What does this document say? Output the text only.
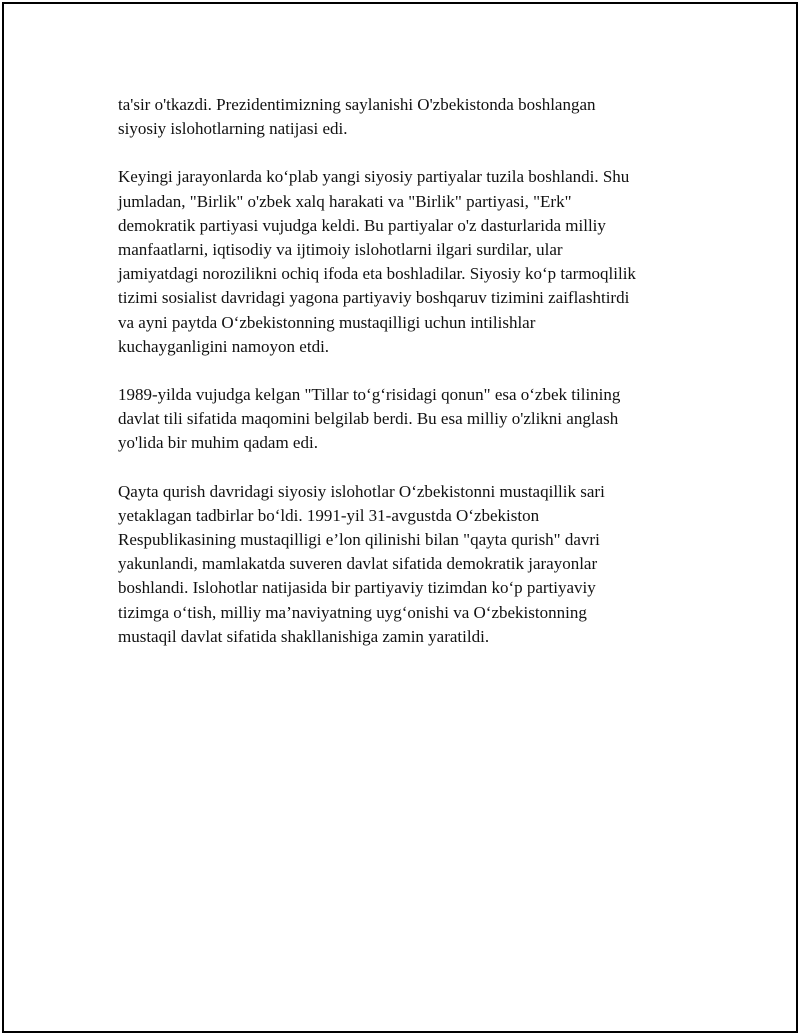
ta'sir o'tkazdi. Prezidentimizning saylanishi O'zbekistonda boshlangan
siyosiy islohotlarning natijasi edi.

Keyingi jarayonlarda ko‘plab yangi siyosiy partiyalar tuzila boshlandi. Shu
jumladan, "Birlik" o'zbek xalq harakati va "Birlik" partiyasi, "Erk"
demokratik partiyasi vujudga keldi. Bu partiyalar o'z dasturlarida milliy
manfaatlarni, iqtisodiy va ijtimoiy islohotlarni ilgari surdilar, ular
jamiyatdagi norozilikni ochiq ifoda eta boshladilar. Siyosiy ko‘p tarmoqlilik
tizimi sosialist davridagi yagona partiyaviy boshqaruv tizimini zaiflashtirdi
va ayni paytda O‘zbekistonning mustaqilligi uchun intilishlar
kuchayganligini namoyon etdi.

1989-yilda vujudga kelgan "Tillar to‘g‘risidagi qonun" esa o‘zbek tilining
davlat tili sifatida maqomini belgilab berdi. Bu esa milliy o'zlikni anglash
yo'lida bir muhim qadam edi.

Qayta qurish davridagi siyosiy islohotlar O‘zbekistonni mustaqillik sari
yetaklagan tadbirlar bo‘ldi. 1991-yil 31-avgustda O‘zbekiston
Respublikasining mustaqilligi e’lon qilinishi bilan "qayta qurish" davri
yakunlandi, mamlakatda suveren davlat sifatida demokratik jarayonlar
boshlandi. Islohotlar natijasida bir partiyaviy tizimdan ko‘p partiyaviy
tizimga o‘tish, milliy ma’naviyatning uyg‘onishi va O‘zbekistonning
mustaqil davlat sifatida shakllanishiga zamin yaratildi.
